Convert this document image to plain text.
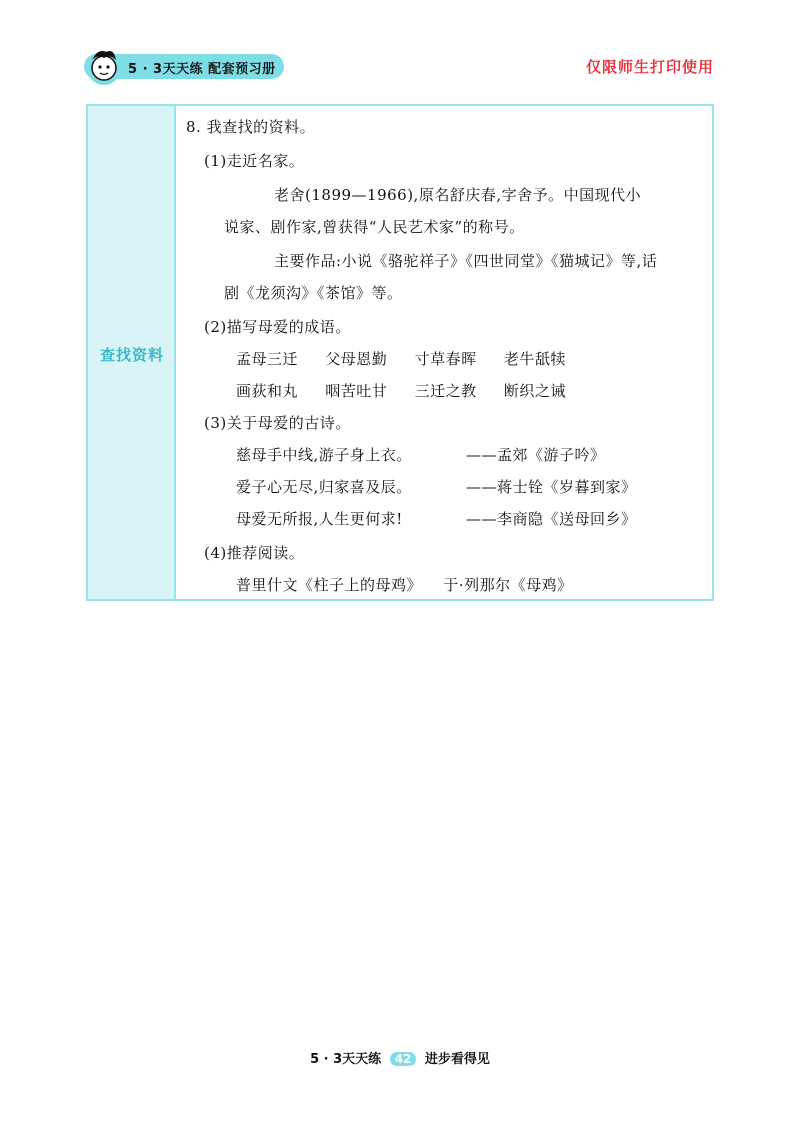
5 · 3天天练 配套预习册	仅限师生打印使用
查找资料
8. 我查找的资料。
(1)走近名家。
老舍(1899—1966),原名舒庆春,字舍予。中国现代小
说家、剧作家,曾获得“人民艺术家”的称号。
主要作品:小说《骆驼祥子》《四世同堂》《猫城记》等,话
剧《龙须沟》《茶馆》等。
(2)描写母爱的成语。
孟母三迁 父母恩勤 寸草春晖 老牛舐犊
画荻和丸 咽苦吐甘 三迁之教 断织之诫
(3)关于母爱的古诗。
慈母手中线,游子身上衣。	——孟郊《游子吟》
爱子心无尽,归家喜及辰。	——蒋士铨《岁暮到家》
母爱无所报,人生更何求!	——李商隐《送母回乡》
(4)推荐阅读。
普里什文《柱子上的母鸡》 于·列那尔《母鸡》
5 · 3天天练 42 进步看得见
